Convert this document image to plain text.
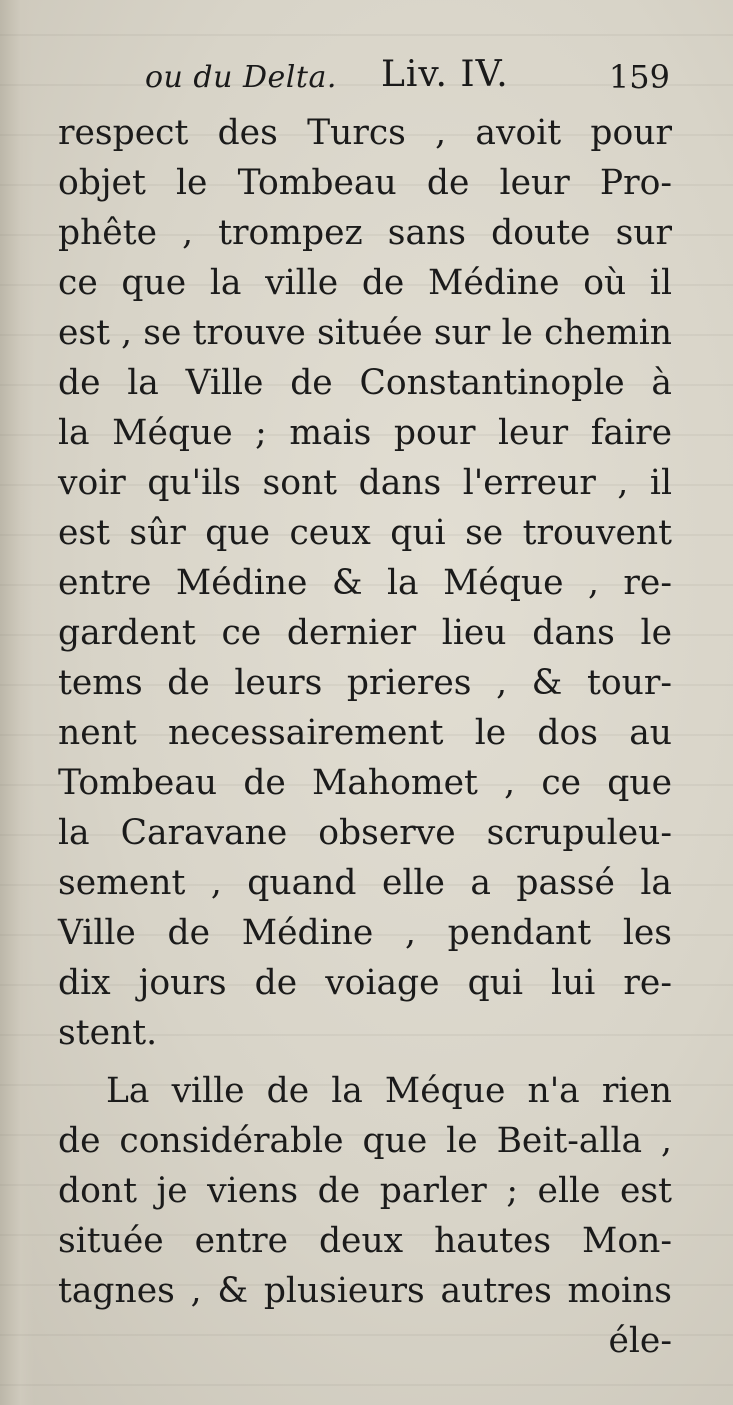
ou du Delta. Liv. IV.	159
respect des Turcs , avoit pour
objet le Tombeau de leur Pro-
phête , trompez sans doute sur
ce que la ville de Médine où il
est , se trouve située sur le chemin
de la Ville de Constantinople à
la Méque ; mais pour leur faire
voir qu'ils sont dans l'erreur , il
est sûr que ceux qui se trouvent
entre Médine & la Méque , re-
gardent ce dernier lieu dans le
tems de leurs prieres , & tour-
nent necessairement le dos au
Tombeau de Mahomet , ce que
la Caravane observe scrupuleu-
sement , quand elle a passé la
Ville de Médine , pendant les
dix jours de voiage qui lui re-
stent.
La ville de la Méque n'a rien
de considérable que le Beit-alla ,
dont je viens de parler ; elle est
située entre deux hautes Mon-
tagnes , & plusieurs autres moins
éle-
